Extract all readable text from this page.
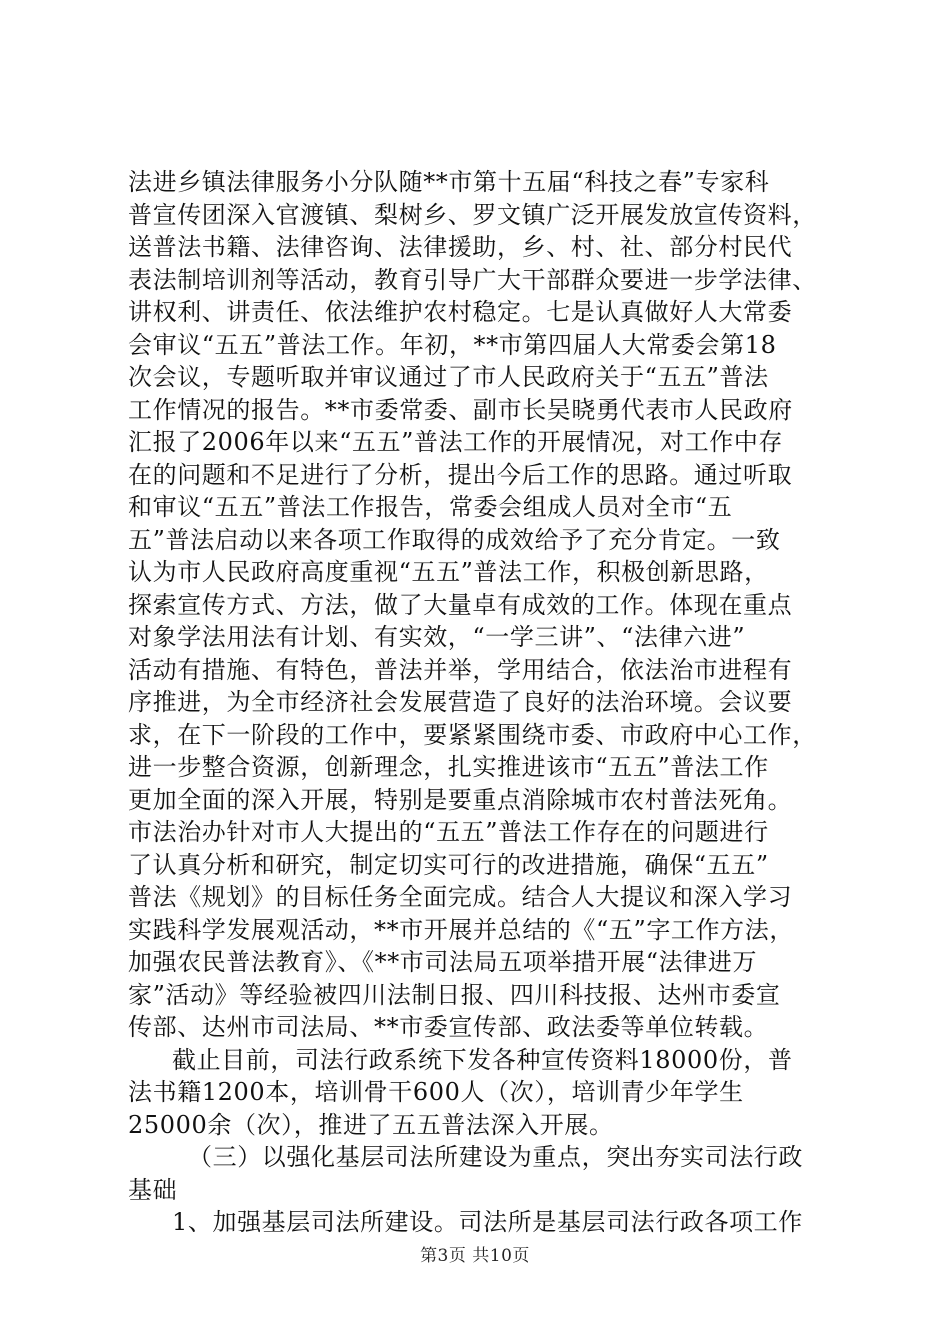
法进乡镇法律服务小分队随**市第十五届“科技之春”专家科
普宣传团深入官渡镇、梨树乡、罗文镇广泛开展发放宣传资料，
送普法书籍、法律咨询、法律援助，乡、村、社、部分村民代
表法制培训剂等活动，教育引导广大干部群众要进一步学法律、
讲权利、讲责任、依法维护农村稳定。七是认真做好人大常委
会审议“五五”普法工作。年初，**市第四届人大常委会第18
次会议，专题听取并审议通过了市人民政府关于“五五”普法
工作情况的报告。**市委常委、副市长吴晓勇代表市人民政府
汇报了2006年以来“五五”普法工作的开展情况，对工作中存
在的问题和不足进行了分析，提出今后工作的思路。通过听取
和审议“五五”普法工作报告，常委会组成人员对全市“五
五”普法启动以来各项工作取得的成效给予了充分肯定。一致
认为市人民政府高度重视“五五”普法工作，积极创新思路，
探索宣传方式、方法，做了大量卓有成效的工作。体现在重点
对象学法用法有计划、有实效，“一学三讲”、“法律六进”
活动有措施、有特色，普法并举，学用结合，依法治市进程有
序推进，为全市经济社会发展营造了良好的法治环境。会议要
求，在下一阶段的工作中，要紧紧围绕市委、市政府中心工作，
进一步整合资源，创新理念，扎实推进该市“五五”普法工作
更加全面的深入开展，特别是要重点消除城市农村普法死角。
市法治办针对市人大提出的“五五”普法工作存在的问题进行
了认真分析和研究，制定切实可行的改进措施，确保“五五”
普法《规划》的目标任务全面完成。结合人大提议和深入学习
实践科学发展观活动，**市开展并总结的《“五”字工作方法，
加强农民普法教育》、《**市司法局五项举措开展“法律进万
家”活动》等经验被四川法制日报、四川科技报、达州市委宣
传部、达州市司法局、**市委宣传部、政法委等单位转载。
截止目前，司法行政系统下发各种宣传资料18000份，普
法书籍1200本，培训骨干600人（次），培训青少年学生
25000余（次），推进了五五普法深入开展。
（三）以强化基层司法所建设为重点，突出夯实司法行政
基础
1、加强基层司法所建设。司法所是基层司法行政各项工作
第3页 共10页
